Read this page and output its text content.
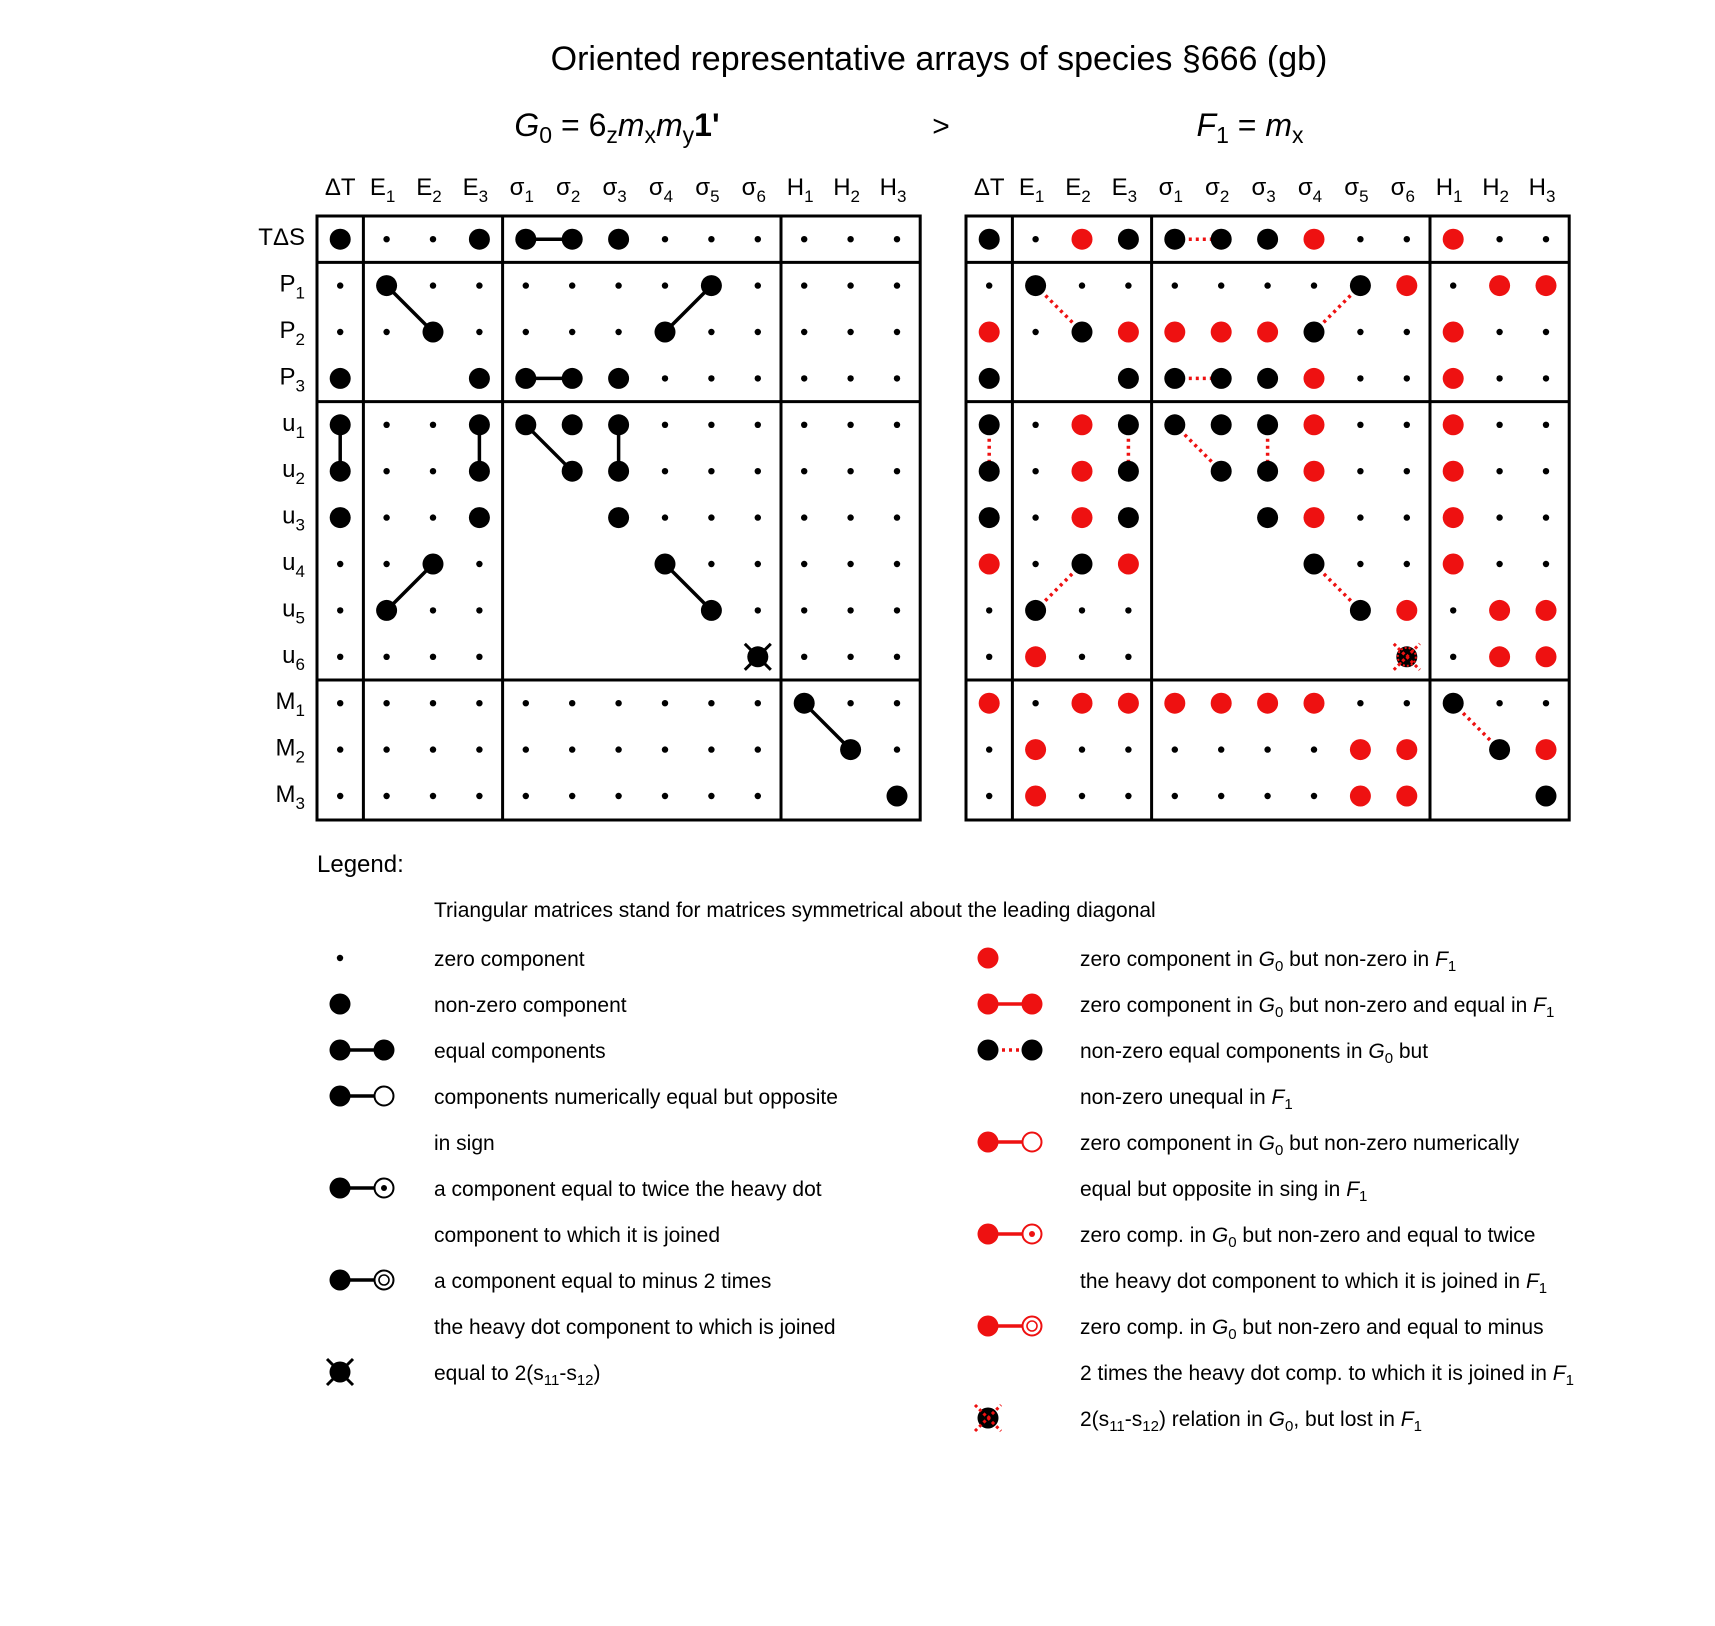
Oriented representative arrays of species §666 (gb)
>
G0 = 6zmxmy1'	F1 = mx
ΔT E1 E2 E3 σ1 σ2 σ3 σ4 σ5 σ6 H1 H2 H3
TΔS
P1
P2
P3
u1
u2
u3
u4
u5
u6
M1
M2
M3
ΔT E1 E2 E3 σ1 σ2 σ3 σ4 σ5 σ6 H1 H2 H3
Legend:
Triangular matrices stand for matrices symmetrical about the leading diagonal
zero component
non-zero component
equal components
components numerically equal but opposite
in sign
a component equal to twice the heavy dot
component to which it is joined
a component equal to minus 2 times
the heavy dot component to which is joined
equal to 2(s11-s12)
zero component in G0 but non-zero in F1
zero component in G0 but non-zero and equal in F1
non-zero equal components in G0 but
non-zero unequal in F1
zero component in G0 but non-zero numerically
equal but opposite in sing in F1
zero comp. in G0 but non-zero and equal to twice
the heavy dot component to which it is joined in F1
zero comp. in G0 but non-zero and equal to minus
2 times the heavy dot comp. to which it is joined in F1
2(s11-s12) relation in G0, but lost in F1
